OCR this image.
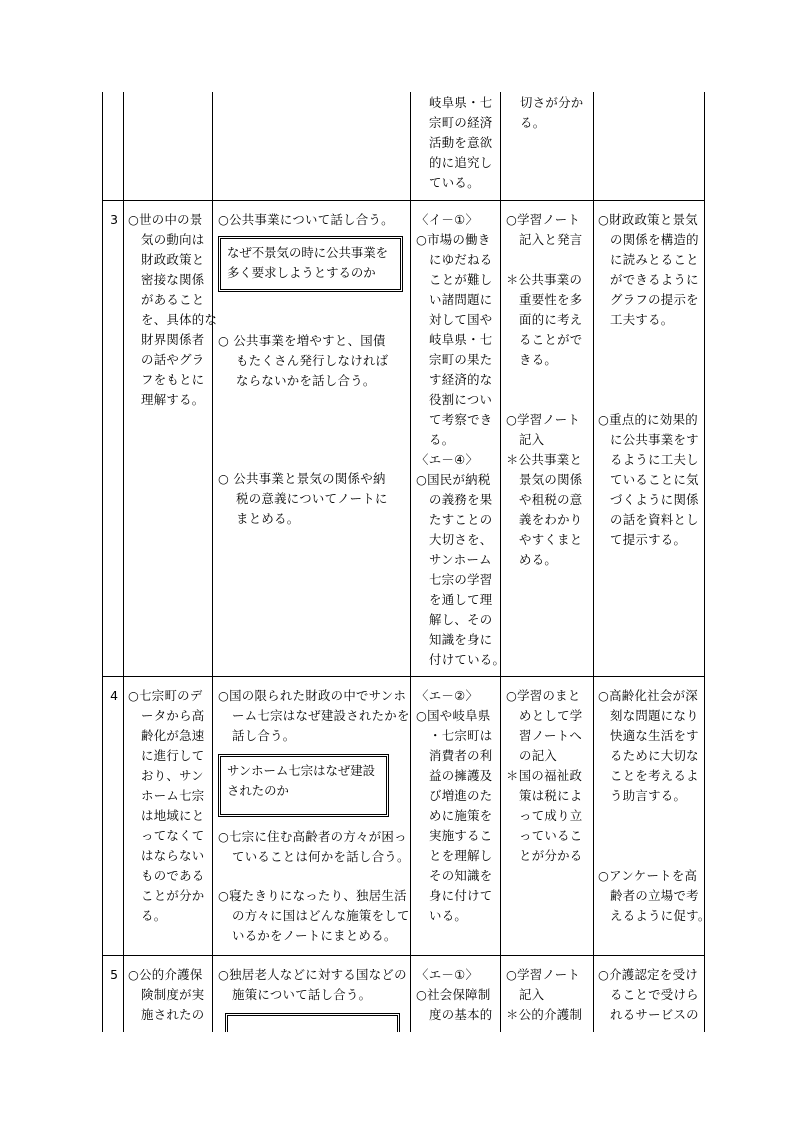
岐阜県・七
宗町の経済
活動を意欲
的に追究し
ている。
切さが分か
る。
3 ○世の中の景
気の動向は
財政政策と
密接な関係
があること
を、具体的な
財界関係者
の話やグラ
フをもとに
理解する。
○公共事業について話し合う。
なぜ不景気の時に公共事業を
多く要求しようとするのか
○ 公共事業を増やすと、国債
もたくさん発行しなければ
ならないかを話し合う。
○ 公共事業と景気の関係や納
税の意義についてノートに
まとめる。
〈イ－①〉
○市場の働き
にゆだねる
ことが難し
い諸問題に
対して国や
岐阜県・七
宗町の果た
す経済的な
役割につい
て考察でき
る。
〈エ－④〉
○国民が納税
の義務を果
たすことの
大切さを、
サンホーム
七宗の学習
を通して理
解し、その
知識を身に
付けている。
○学習ノート
記入と発言
＊公共事業の
重要性を多
面的に考え
ることがで
きる。
○学習ノート
記入
＊公共事業と
景気の関係
や租税の意
義をわかり
やすくまと
める。
○財政政策と景気
の関係を構造的
に読みとること
ができるように
グラフの提示を
工夫する。
○重点的に効果的
に公共事業をす
るように工夫し
ていることに気
づくように関係
の話を資料とし
て提示する。
4 ○七宗町のデ
ータから高
齢化が急速
に進行して
おり、サン
ホーム七宗
は地域にと
ってなくて
はならない
ものである
ことが分か
る。
○国の限られた財政の中でサンホ
ーム七宗はなぜ建設されたかを
話し合う。
サンホーム七宗はなぜ建設
されたのか
○七宗に住む高齢者の方々が困っ
ていることは何かを話し合う。
○寝たきりになったり、独居生活
の方々に国はどんな施策をして
いるかをノートにまとめる。
〈エ－②〉
○国や岐阜県
・七宗町は
消費者の利
益の擁護及
び増進のた
めに施策を
実施するこ
とを理解し
その知識を
身に付けて
いる。
○学習のまと
めとして学
習ノートへ
の記入
＊国の福祉政
策は税によ
って成り立
っているこ
とが分かる
○高齢化社会が深
刻な問題になり
快適な生活をす
るために大切な
ことを考えるよ
う助言する。
○アンケートを高
齢者の立場で考
えるように促す。
5 ○公的介護保
険制度が実
施されたの
○独居老人などに対する国などの
施策について話し合う。
〈エ－①〉
○社会保障制
度の基本的
○学習ノート
記入
＊公的介護制
○介護認定を受け
ることで受けら
れるサービスの
